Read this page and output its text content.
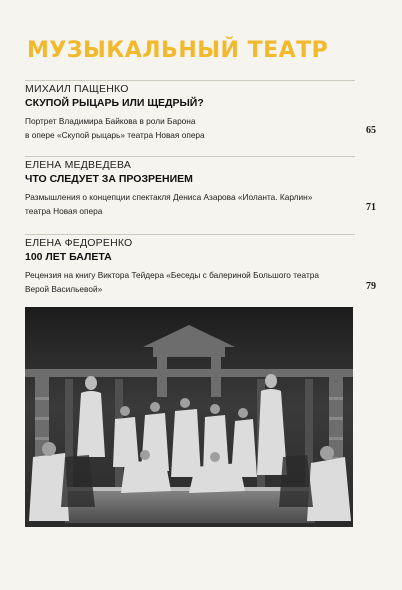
МУЗЫКАЛЬНЫЙ ТЕАТР
МИХАИЛ ПАЩЕНКО
СКУПОЙ РЫЦАРЬ ИЛИ ЩЕДРЫЙ?
Портрет Владимира Байкова в роли Барона
в опере «Скупой рыцарь» театра Новая опера	65
ЕЛЕНА МЕДВЕДЕВА
ЧТО СЛЕДУЕТ ЗА ПРОЗРЕНИЕМ
Размышления о концепции спектакля Дениса Азарова «Иоланта. Карлин»
театра Новая опера	71
ЕЛЕНА ФЕДОРЕНКО
100 ЛЕТ БАЛЕТА
Рецензия на книгу Виктора Тейдера «Беседы с балериной Большого театра
Верой Васильевой»	79
